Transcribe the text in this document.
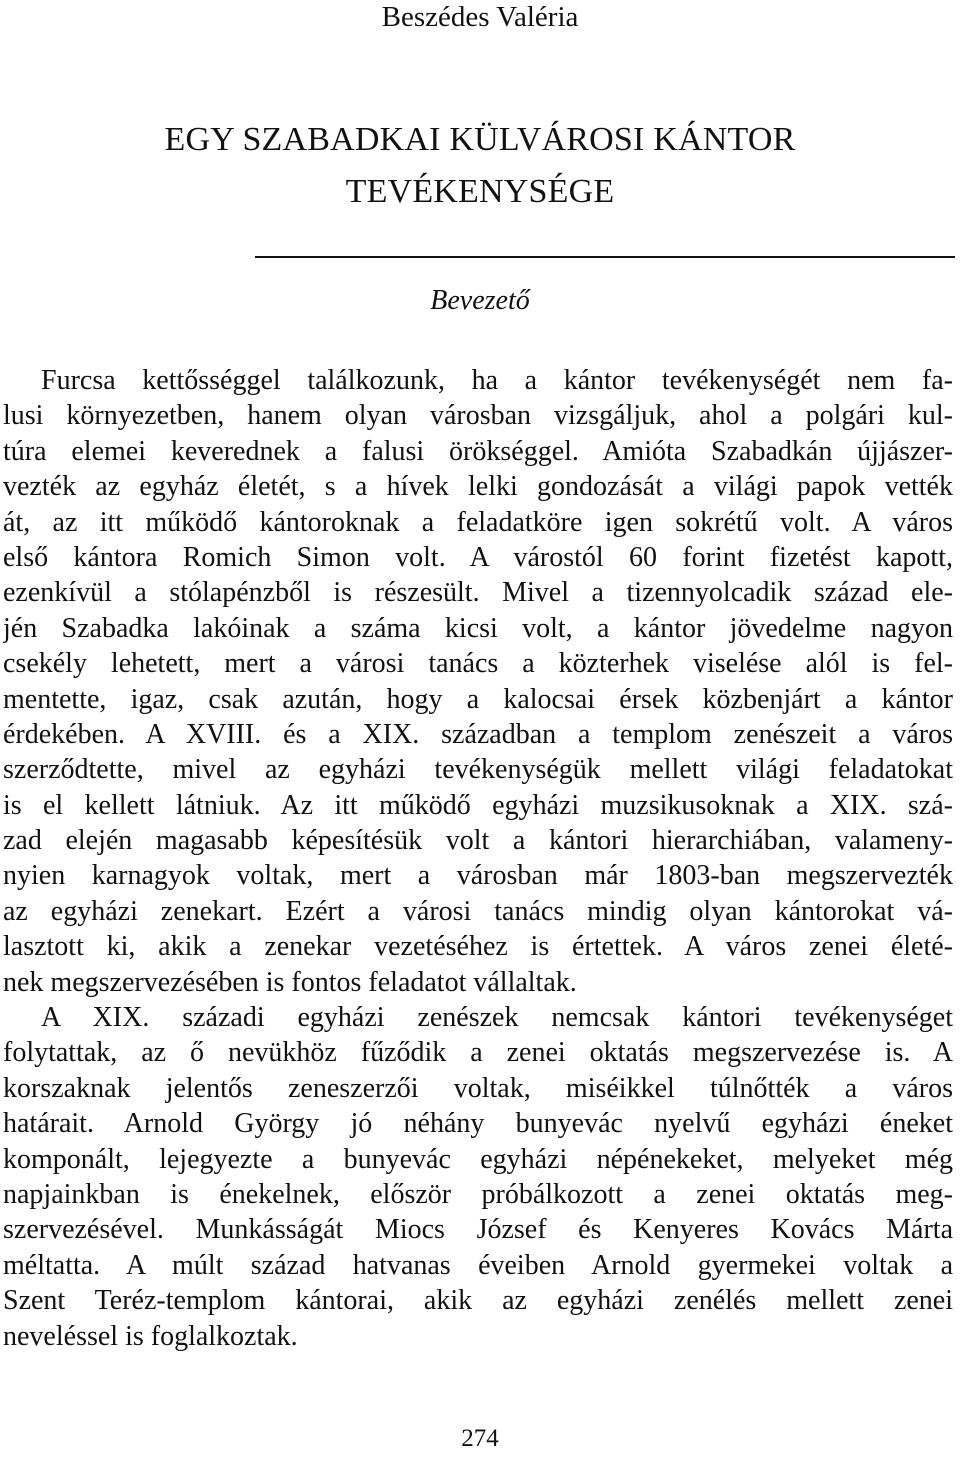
Beszédes Valéria
EGY SZABADKAI KÜLVÁROSI KÁNTOR
TEVÉKENYSÉGE
Bevezető
Furcsa kettősséggel találkozunk, ha a kántor tevékenységét nem fa-
lusi környezetben, hanem olyan városban vizsgáljuk, ahol a polgári kul-
túra elemei keverednek a falusi örökséggel. Amióta Szabadkán újjászer-
vezték az egyház életét, s a hívek lelki gondozását a világi papok vették
át, az itt működő kántoroknak a feladatköre igen sokrétű volt. A város
első kántora Romich Simon volt. A várostól 60 forint fizetést kapott,
ezenkívül a stólapénzből is részesült. Mivel a tizennyolcadik század ele-
jén Szabadka lakóinak a száma kicsi volt, a kántor jövedelme nagyon
csekély lehetett, mert a városi tanács a közterhek viselése alól is fel-
mentette, igaz, csak azután, hogy a kalocsai érsek közbenjárt a kántor
érdekében. A XVIII. és a XIX. században a templom zenészeit a város
szerződtette, mivel az egyházi tevékenységük mellett világi feladatokat
is el kellett látniuk. Az itt működő egyházi muzsikusoknak a XIX. szá-
zad elején magasabb képesítésük volt a kántori hierarchiában, valameny-
nyien karnagyok voltak, mert a városban már 1803-ban megszervezték
az egyházi zenekart. Ezért a városi tanács mindig olyan kántorokat vá-
lasztott ki, akik a zenekar vezetéséhez is értettek. A város zenei életé-
nek megszervezésében is fontos feladatot vállaltak.
A XIX. századi egyházi zenészek nemcsak kántori tevékenységet
folytattak, az ő nevükhöz fűződik a zenei oktatás megszervezése is. A
korszaknak jelentős zeneszerzői voltak, miséikkel túlnőtték a város
határait. Arnold György jó néhány bunyevác nyelvű egyházi éneket
komponált, lejegyezte a bunyevác egyházi népénekeket, melyeket még
napjainkban is énekelnek, először próbálkozott a zenei oktatás meg-
szervezésével. Munkásságát Miocs József és Kenyeres Kovács Márta
méltatta. A múlt század hatvanas éveiben Arnold gyermekei voltak a
Szent Teréz-templom kántorai, akik az egyházi zenélés mellett zenei
neveléssel is foglalkoztak.
274
